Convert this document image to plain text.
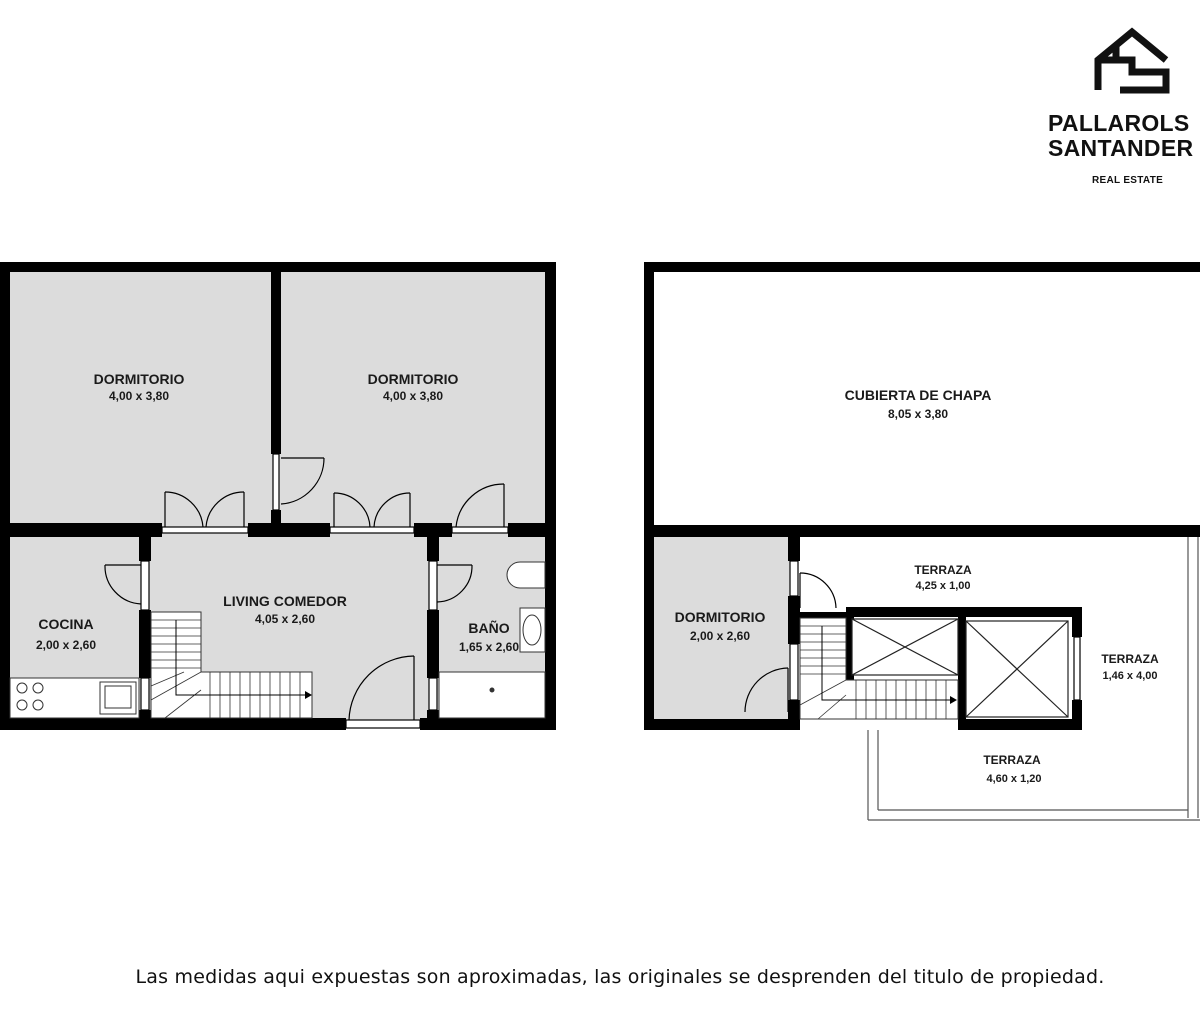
PALLAROLS
SANTANDER
REAL ESTATE
DORMITORIO
4,00 x 3,80
DORMITORIO
4,00 x 3,80
COCINA
2,00 x 2,60
LIVING COMEDOR
4,05 x 2,60
BAÑO
1,65 x 2,60
CUBIERTA DE CHAPA
8,05 x 3,80
DORMITORIO
2,00 x 2,60
TERRAZA
4,25 x 1,00
TERRAZA
1,46 x 4,00
TERRAZA
4,60 x 1,20
Las medidas aqui expuestas son aproximadas, las originales se desprenden del titulo de propiedad.
